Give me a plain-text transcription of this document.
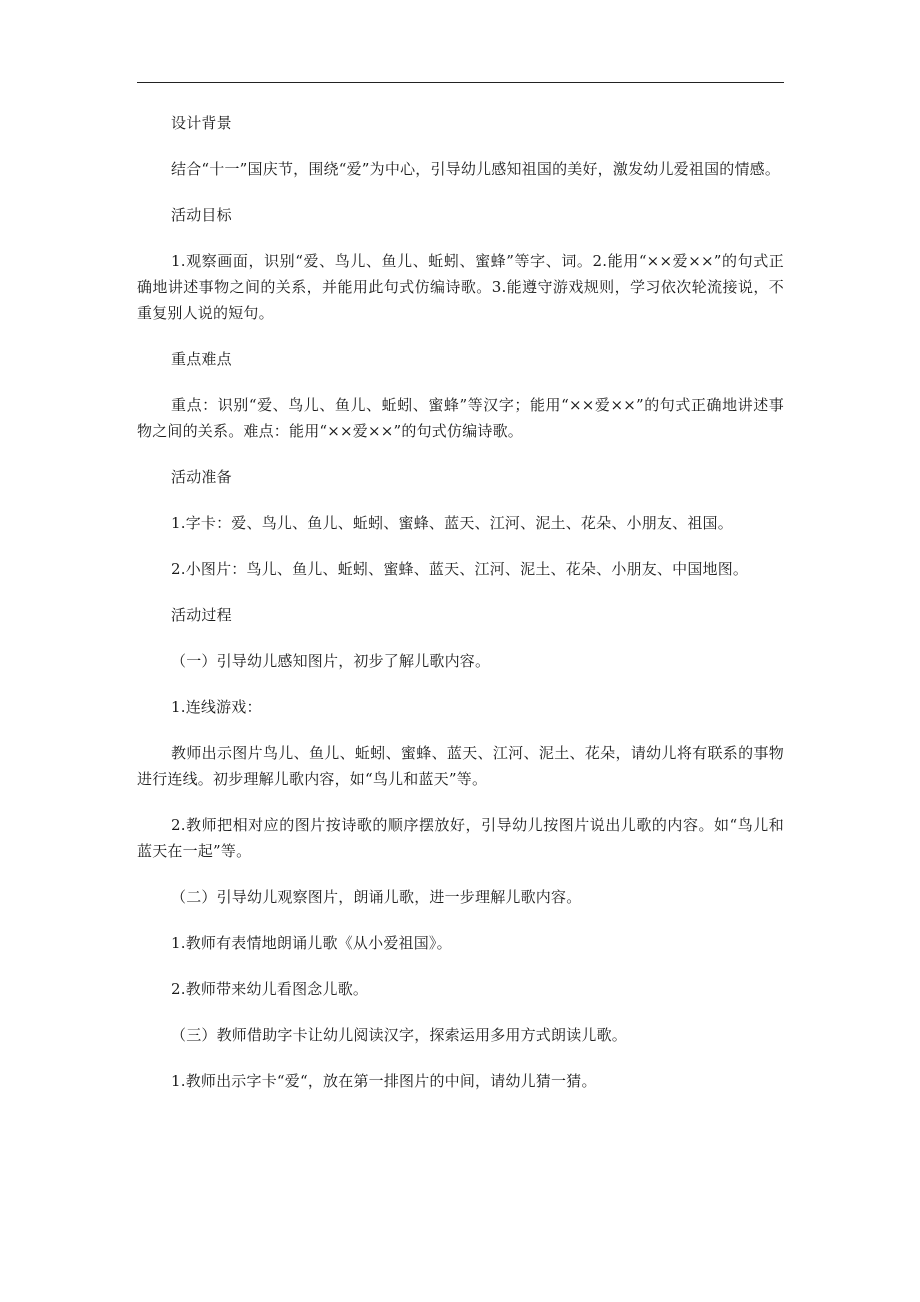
设计背景

结合“十一”国庆节，围绕“爱”为中心，引导幼儿感知祖国的美好，激发幼儿爱祖国的情感。

活动目标

1.观察画面，识别“爱、鸟儿、鱼儿、蚯蚓、蜜蜂”等字、词。2.能用“××爱××”的句式正确地讲述事物之间的关系，并能用此句式仿编诗歌。3.能遵守游戏规则，学习依次轮流接说，不重复别人说的短句。

重点难点

重点：识别“爱、鸟儿、鱼儿、蚯蚓、蜜蜂”等汉字；能用“××爱××”的句式正确地讲述事物之间的关系。难点：能用“××爱××”的句式仿编诗歌。

活动准备

1.字卡：爱、鸟儿、鱼儿、蚯蚓、蜜蜂、蓝天、江河、泥土、花朵、小朋友、祖国。

2.小图片：鸟儿、鱼儿、蚯蚓、蜜蜂、蓝天、江河、泥土、花朵、小朋友、中国地图。

活动过程

（一）引导幼儿感知图片，初步了解儿歌内容。

1.连线游戏：

教师出示图片鸟儿、鱼儿、蚯蚓、蜜蜂、蓝天、江河、泥土、花朵，请幼儿将有联系的事物进行连线。初步理解儿歌内容，如“鸟儿和蓝天”等。

2.教师把相对应的图片按诗歌的顺序摆放好，引导幼儿按图片说出儿歌的内容。如“鸟儿和蓝天在一起”等。

（二）引导幼儿观察图片，朗诵儿歌，进一步理解儿歌内容。

1.教师有表情地朗诵儿歌《从小爱祖国》。

2.教师带来幼儿看图念儿歌。

（三）教师借助字卡让幼儿阅读汉字，探索运用多用方式朗读儿歌。

1.教师出示字卡“爱“，放在第一排图片的中间，请幼儿猜一猜。
